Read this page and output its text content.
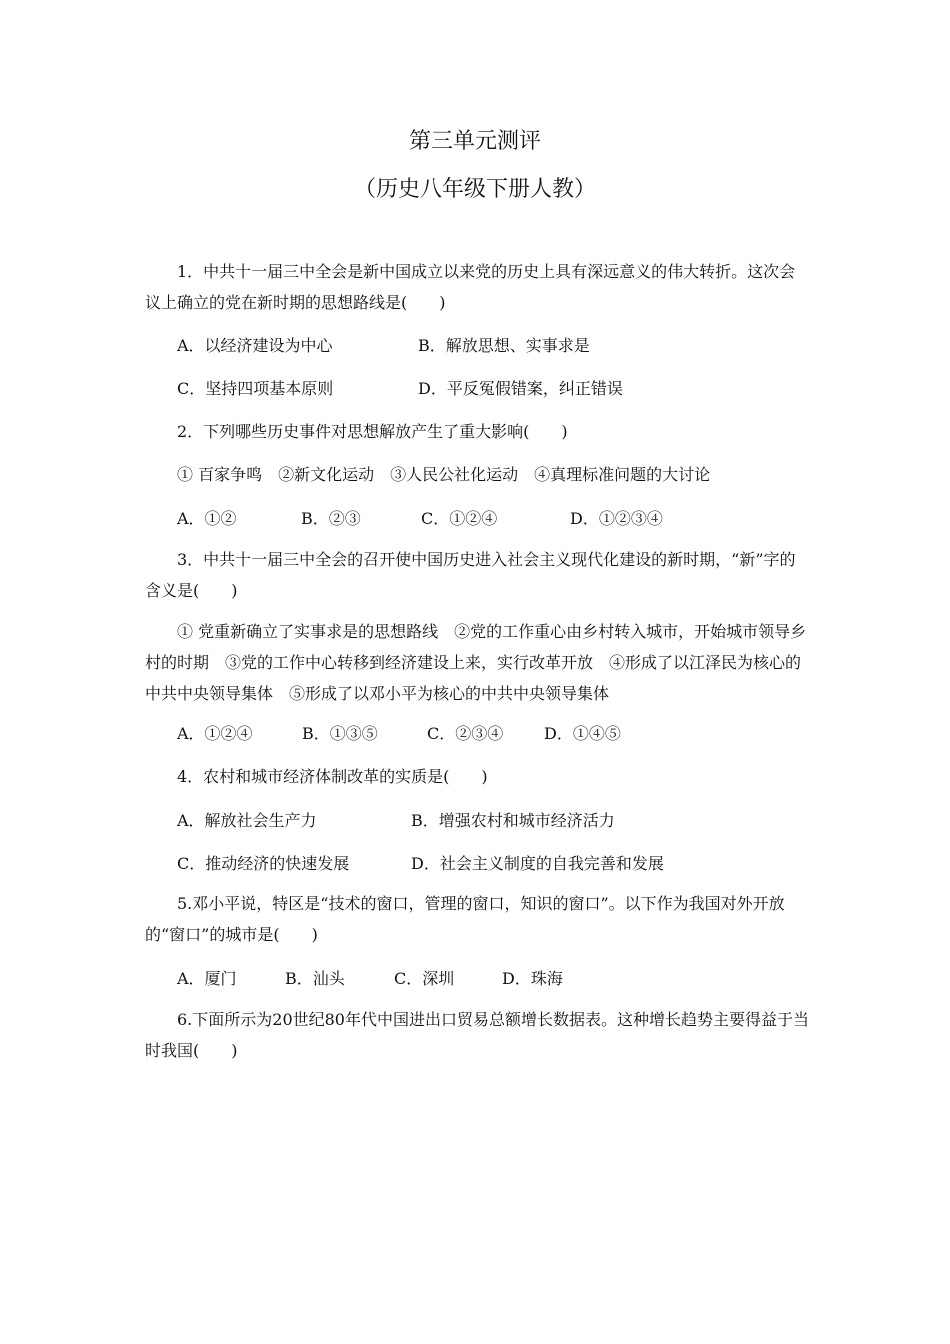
第三单元测评
（历史八年级下册人教）
1．中共十一届三中全会是新中国成立以来党的历史上具有深远意义的伟大转折。这次会议上确立的党在新时期的思想路线是(　　)
A．以经济建设为中心	B．解放思想、实事求是
C．坚持四项基本原则	D．平反冤假错案，纠正错误
2．下列哪些历史事件对思想解放产生了重大影响(　　)
① 百家争鸣　②新文化运动　③人民公社化运动　④真理标准问题的大讨论
A．①②	B．②③	C．①②④	D．①②③④
3．中共十一届三中全会的召开使中国历史进入社会主义现代化建设的新时期，“新”字的含义是(　　)
① 党重新确立了实事求是的思想路线　②党的工作重心由乡村转入城市，开始城市领导乡村的时期　③党的工作中心转移到经济建设上来，实行改革开放　④形成了以江泽民为核心的中共中央领导集体　⑤形成了以邓小平为核心的中共中央领导集体
A．①②④	B．①③⑤	C．②③④	D．①④⑤
4．农村和城市经济体制改革的实质是(　　)
A．解放社会生产力	B．增强农村和城市经济活力
C．推动经济的快速发展	D．社会主义制度的自我完善和发展
5.邓小平说，特区是“技术的窗口，管理的窗口，知识的窗口”。以下作为我国对外开放的“窗口”的城市是(　　)
A．厦门	B．汕头	C．深圳	D．珠海
6.下面所示为20世纪80年代中国进出口贸易总额增长数据表。这种增长趋势主要得益于当时我国(　　)
